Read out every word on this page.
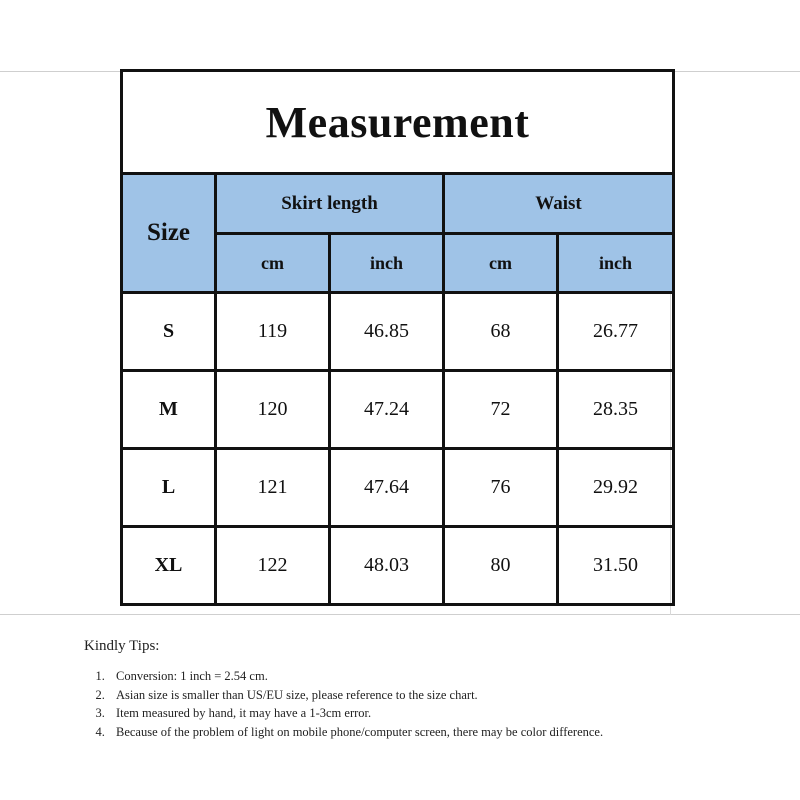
Measurement				
Size	Skirt length		Waist	
	cm	inch	cm	inch
S	119	46.85	68	26.77
M	120	47.24	72	28.35
L	121	47.64	76	29.92
XL	122	48.03	80	31.50

Kindly Tips:

1. Conversion: 1 inch = 2.54 cm.
2. Asian size is smaller than US/EU size, please reference to the size chart.
3. Item measured by hand, it may have a 1-3cm error.
4. Because of the problem of light on mobile phone/computer screen, there may be color difference.
